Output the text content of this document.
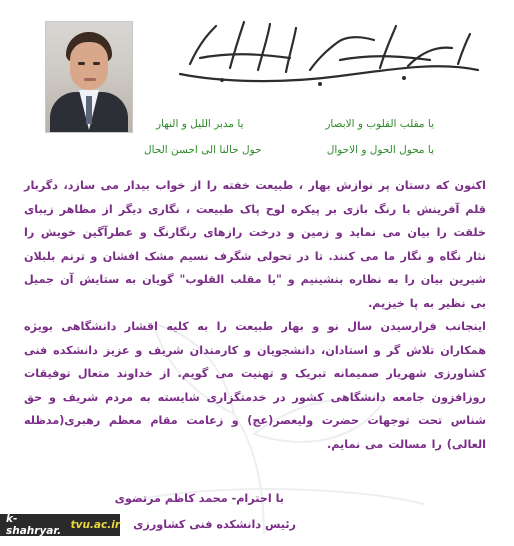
یا مقلب القلوب و الابصار
یا محول الحول و الاحوال
یا مدبر اللیل و النهار
حول حالنا الی احسن الحال

اکنون که دستان پر نوازش بهار ، طبیعت خفته را از خواب بیدار می سازد، دگربار قلم آفرینش با رنگ بازی بر پیکره لوح پاک طبیعت ، نگاری دیگر از مظاهر زیبای خلقت را بیان می نماید و زمین و درخت رازهای رنگارنگ و عطرآگین خویش را نثار نگاه و نگار ما می کنند. تا در تحولی شگرف نسیم مشک افشان و ترنم بلبلان شیرین بیان را به نظاره بنشینیم و "یا مقلب القلوب" گویان به ستایش آن جمیل بی نظیر به پا خیزیم.

اینجانب فرارسیدن سال نو و بهار طبیعت را به کلیه اقشار دانشگاهی بویژه همکاران تلاش گر و استادان، دانشجویان و کارمندان شریف و عزیز دانشکده فنی کشاورزی شهریار صمیمانه تبریک و تهنیت می گویم. از خداوند متعال توفیقات روزافزون جامعه دانشگاهی کشور در خدمتگزاری شایسته به مردم شریف و حق شناس تحت توجهات حضرت ولیعصر(عج) و زعامت مقام معظم رهبری(مدظله العالی) را مسالت می نمایم.

با احترام- محمد کاظم مرتضوی
رئیس دانشکده فنی کشاورزی
k-shahryar. tvu.ac.ir
